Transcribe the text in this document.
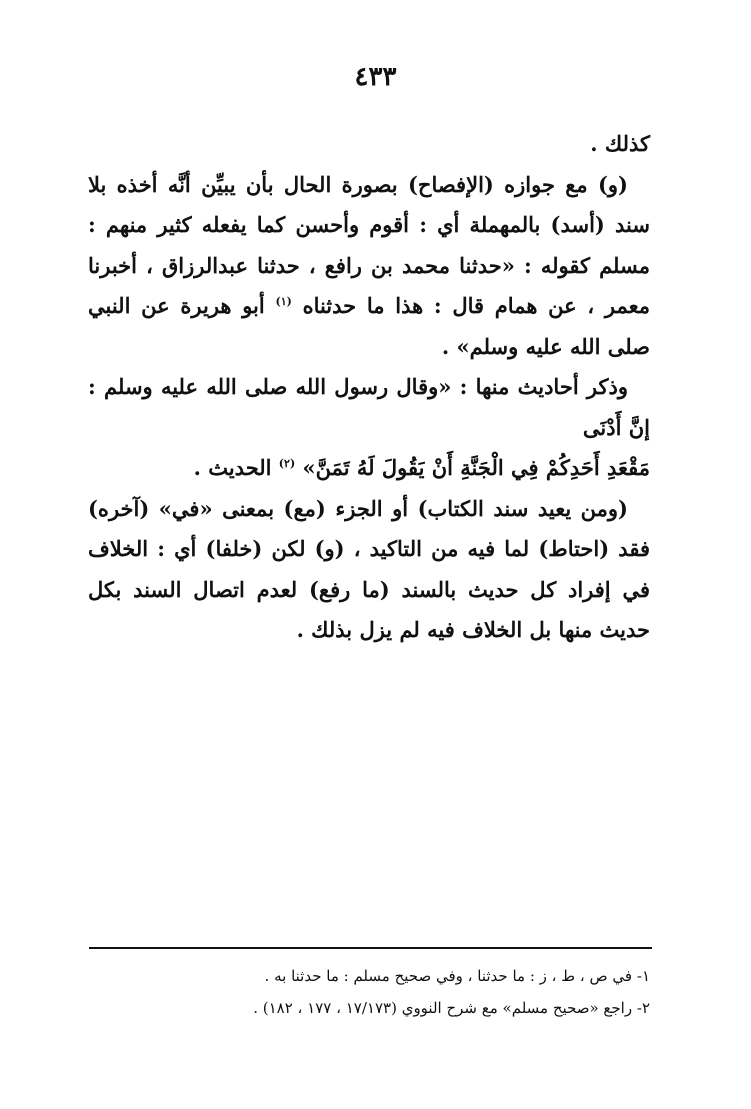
٤٣٣

كذلك .

(و) مع جوازه (الإفصاح) بصورة الحال بأن يبيِّن أنَّه أخذه بلا سند (أسد) بالمهملة أي : أقوم وأحسن كما يفعله كثير منهم : مسلم كقوله : «حدثنا محمد بن رافع ، حدثنا عبدالرزاق ، أخبرنا معمر ، عن همام قال : هذا ما حدثناه $^{(١)}$ أبو هريرة عن النبي صلى الله عليه وسلم» .

وذكر أحاديث منها : «وقال رسول الله صلى الله عليه وسلم : إنَّ أَدْنَى
مَقْعَدِ أَحَدِكُمْ فِي الْجَنَّةِ أَنْ يَقُولَ لَهُ تَمَنَّ» $^{(٢)}$ الحديث .

(ومن يعيد سند الكتاب) أو الجزء (مع) بمعنى «في» (آخره) فقد (احتاط) لما فيه من التاكيد ، (و) لكن (خلفا) أي : الخلاف في إفراد كل حديث بالسند (ما رفع) لعدم اتصال السند بكل حديث منها بل الخلاف فيه لم يزل بذلك .

١- في ص ، ط ، ز : ما حدثنا ، وفي صحيح مسلم : ما حدثنا به .

٢- راجع «صحيح مسلم» مع شرح النووي (١٧/١٧٣ ، ١٧٧ ، ١٨٢) .
